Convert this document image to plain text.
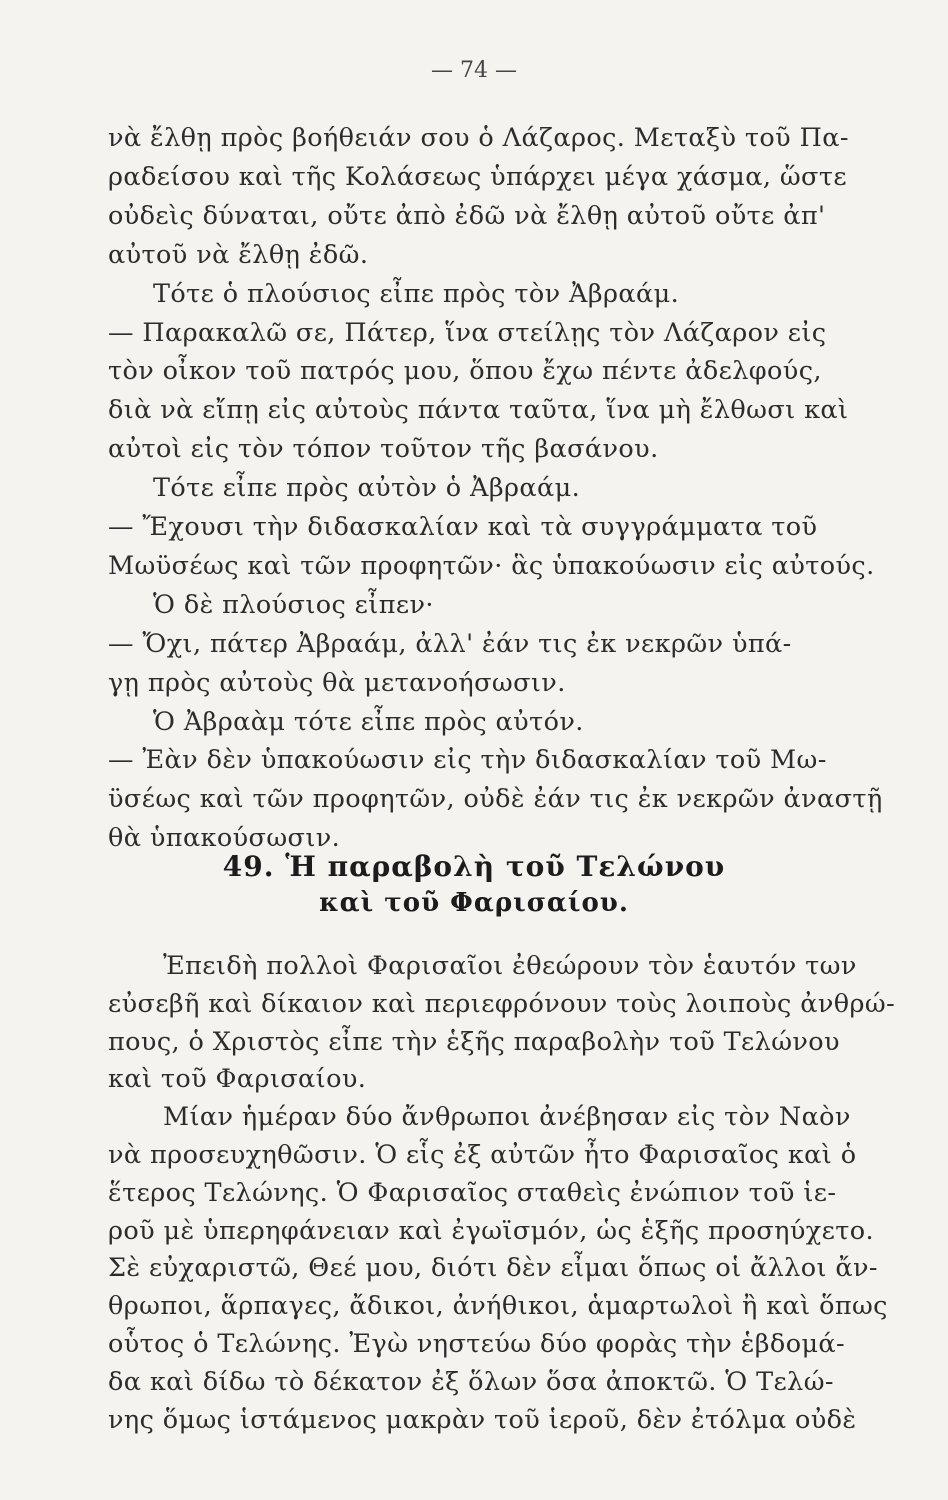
— 74 —
νὰ ἔλθῃ πρὸς βοήθειάν σου ὁ Λάζαρος. Μεταξὺ τοῦ Πα-
ραδείσου καὶ τῆς Κολάσεως ὑπάρχει μέγα χάσμα, ὥστε
οὐδεὶς δύναται, οὔτε ἀπὸ ἐδῶ νὰ ἔλθῃ αὐτοῦ οὔτε ἀπ'
αὐτοῦ νὰ ἔλθῃ ἐδῶ.
Τότε ὁ πλούσιος εἶπε πρὸς τὸν Ἀβραάμ.
— Παρακαλῶ σε, Πάτερ, ἵνα στείλῃς τὸν Λάζαρον εἰς
τὸν οἶκον τοῦ πατρός μου, ὅπου ἔχω πέντε ἀδελφούς,
διὰ νὰ εἴπῃ εἰς αὐτοὺς πάντα ταῦτα, ἵνα μὴ ἔλθωσι καὶ
αὐτοὶ εἰς τὸν τόπον τοῦτον τῆς βασάνου.
Τότε εἶπε πρὸς αὐτὸν ὁ Ἀβραάμ.
— Ἔχουσι τὴν διδασκαλίαν καὶ τὰ συγγράμματα τοῦ
Μωϋσέως καὶ τῶν προφητῶν· ἃς ὑπακούωσιν εἰς αὐτούς.
Ὁ δὲ πλούσιος εἶπεν·
— Ὄχι, πάτερ Ἀβραάμ, ἀλλ' ἐάν τις ἐκ νεκρῶν ὑπά-
γῃ πρὸς αὐτοὺς θὰ μετανοήσωσιν.
Ὁ Ἀβραὰμ τότε εἶπε πρὸς αὐτόν.
— Ἐὰν δὲν ὑπακούωσιν εἰς τὴν διδασκαλίαν τοῦ Μω-
ϋσέως καὶ τῶν προφητῶν, οὐδὲ ἐάν τις ἐκ νεκρῶν ἀναστῇ
θὰ ὑπακούσωσιν.
49. Ἡ παραβολὴ τοῦ Τελώνου
καὶ τοῦ Φαρισαίου.
Ἐπειδὴ πολλοὶ Φαρισαῖοι ἐθεώρουν τὸν ἑαυτόν των
εὐσεβῆ καὶ δίκαιον καὶ περιεφρόνουν τοὺς λοιποὺς ἀνθρώ-
πους, ὁ Χριστὸς εἶπε τὴν ἑξῆς παραβολὴν τοῦ Τελώνου
καὶ τοῦ Φαρισαίου.
Μίαν ἡμέραν δύο ἄνθρωποι ἀνέβησαν εἰς τὸν Ναὸν
νὰ προσευχηθῶσιν. Ὁ εἷς ἐξ αὐτῶν ἦτο Φαρισαῖος καὶ ὁ
ἕτερος Τελώνης. Ὁ Φαρισαῖος σταθεὶς ἐνώπιον τοῦ ἱε-
ροῦ μὲ ὑπερηφάνειαν καὶ ἐγωϊσμόν, ὡς ἑξῆς προσηύχετο.
Σὲ εὐχαριστῶ, Θεέ μου, διότι δὲν εἶμαι ὅπως οἱ ἄλλοι ἄν-
θρωποι, ἅρπαγες, ἄδικοι, ἀνήθικοι, ἁμαρτωλοὶ ἢ καὶ ὅπως
οὗτος ὁ Τελώνης. Ἐγὼ νηστεύω δύο φορὰς τὴν ἑβδομά-
δα καὶ δίδω τὸ δέκατον ἐξ ὅλων ὅσα ἀποκτῶ. Ὁ Τελώ-
νης ὅμως ἱστάμενος μακρὰν τοῦ ἱεροῦ, δὲν ἐτόλμα οὐδὲ
